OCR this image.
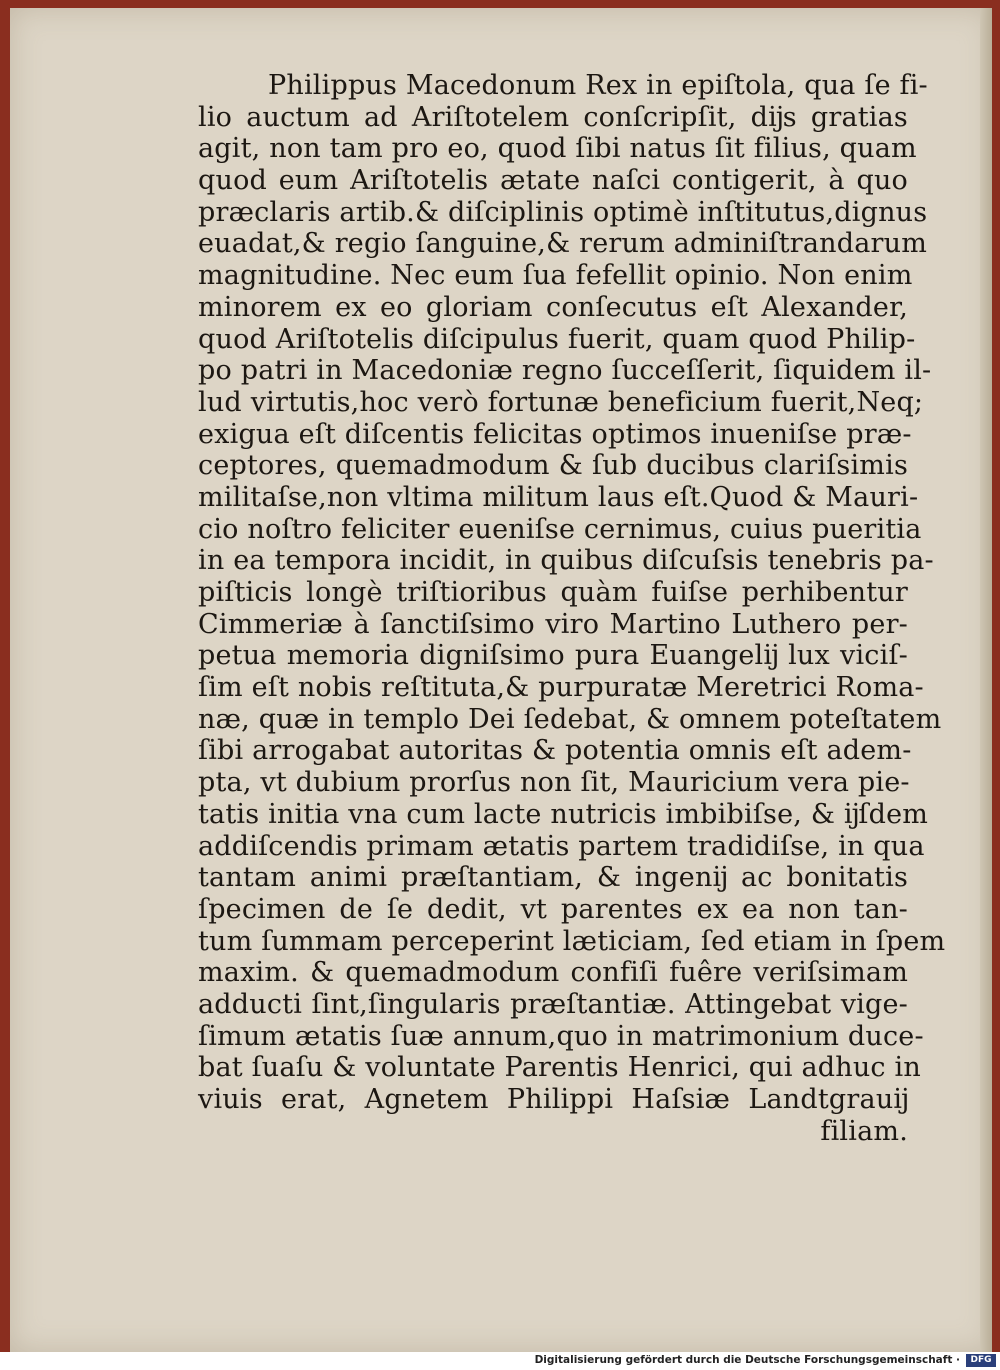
Philippus Macedonum Rex in epiſtola, qua ſe fi-
lio auctum ad Ariſtotelem conſcripſit, dĳs gratias
agit, non tam pro eo, quod ſibi natus ſit filius, quam
quod eum Ariſtotelis ætate naſci contigerit, à quo
præclaris artib.& diſciplinis optimè inſtitutus,dignus
euadat,& regio ſanguine,& rerum adminiſtrandarum
magnitudine. Nec eum ſua fefellit opinio. Non enim
minorem ex eo gloriam conſecutus eſt Alexander,
quod Ariſtotelis diſcipulus fuerit, quam quod Philip-
po patri in Macedoniæ regno ſucceſſerit, ſiquidem il-
lud virtutis,hoc verò fortunæ beneficium fuerit,Neq;
exigua eſt diſcentis felicitas optimos inueniſse præ-
ceptores, quemadmodum & ſub ducibus clariſsimis
militaſse,non vltima militum laus eſt.Quod & Mauri-
cio noſtro feliciter eueniſse cernimus, cuius pueritia
in ea tempora incidit, in quibus diſcuſsis tenebris pa-
piſticis longè triſtioribus quàm fuiſse perhibentur
Cimmeriæ à ſanctiſsimo viro Martino Luthero per-
petua memoria digniſsimo pura Euangelĳ lux viciſ-
ſim eſt nobis reſtituta,& purpuratæ Meretrici Roma-
næ, quæ in templo Dei ſedebat, & omnem poteſtatem
ſibi arrogabat autoritas & potentia omnis eſt adem-
pta, vt dubium prorſus non ſit, Mauricium vera pie-
tatis initia vna cum lacte nutricis imbibiſse, & ĳſdem
addiſcendis primam ætatis partem tradidiſse, in qua
tantam animi præſtantiam, & ingenĳ ac bonitatis
ſpecimen de ſe dedit, vt parentes ex ea non tan-
tum ſummam perceperint læticiam, ſed etiam in ſpem
maxim. & quemadmodum confiſi fuêre veriſsimam
adducti ſint,ſingularis præſtantiæ. Attingebat vige-
ſimum ætatis ſuæ annum,quo in matrimonium duce-
bat ſuaſu & voluntate Parentis Henrici, qui adhuc in
viuis erat, Agnetem Philippi Haſsiæ Landtgrauĳ
filiam.
Digitalisierung gefördert durch die Deutsche Forschungsgemeinschaft ·	DFG
